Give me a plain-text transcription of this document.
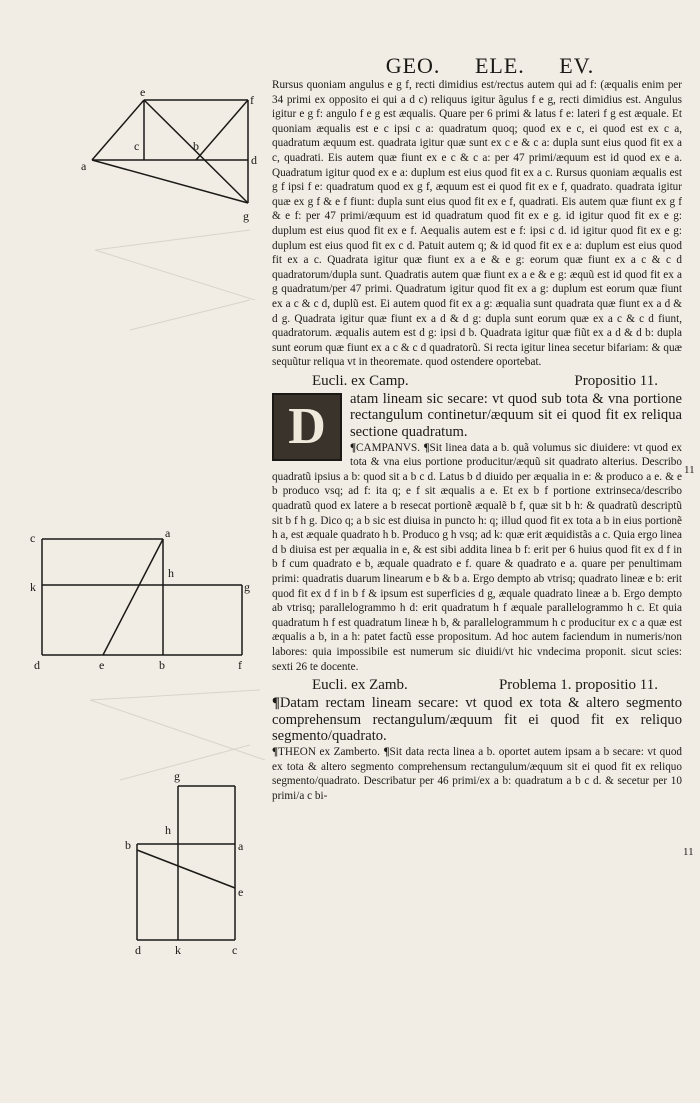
GEO. ELE. EV.
e
f
c	b
a	d
g
a
c
h
k	g
d	e	b	f
g
h
b	a
e
d	k	c

Rursus quoniam angulus e g f, recti dimidius est/rectus autem qui ad f: (æqualis enim per 34 primi ex opposito ei qui a d c) reliquus igitur ãgulus f e g, recti dimidius est. Angulus igitur e g f: angulo f e g est æqualis. Quare per 6 primi & latus f e: lateri f g est æquale. Et quoniam æqualis est e c ipsi c a: quadratum quoq; quod ex e c, ei quod est ex c a, quadratum æquum est. quadrata igitur quæ sunt ex c e & c a: dupla sunt eius quod fit ex a c, quadrati. Eis autem quæ fiunt ex e c & c a: per 47 primi/æquum est id quod ex e a. Quadratum igitur quod ex e a: duplum est eius quod fit ex a c. Rursus quoniam æqualis est g f ipsi f e: quadratum quod ex g f, æquum est ei quod fit ex e f, quadrato. quadrata igitur quæ ex g f & e f fiunt: dupla sunt eius quod fit ex e f, quadrati. Eis autem quæ fiunt ex g f & e f: per 47 primi/æquum est id quadratum quod fit ex e g. id igitur quod fit ex e g: duplum est eius quod fit ex e f. Aequalis autem est e f: ipsi c d. id igitur quod fit ex e g: duplum est eius quod fit ex c d. Patuit autem q; & id quod fit ex e a: duplum est eius quod fit ex a c. Quadrata igitur quæ fiunt ex a e & e g: eorum quæ fiunt ex a c & c d quadratorum/dupla sunt. Quadratis autem quæ fiunt ex a e & e g: æquũ est id quod fit ex a g quadratum/per 47 primi. Quadratum igitur quod fit ex a g: duplum est eorum quæ fiunt ex a c & c d, duplũ est. Ei autem quod fit ex a g: æqualia sunt quadrata quæ fiunt ex a d & d g. Quadrata igitur quæ fiunt ex a d & d g: dupla sunt eorum quæ ex a c & c d fiunt, quadratorum. æqualis autem est d g: ipsi d b. Quadrata igitur quæ fiũt ex a d & d b: dupla sunt eorum quæ fiunt ex a c & c d quadratorũ. Si recta igitur linea secetur bifariam: & quæ sequũtur reliqua vt in theoremate. quod ostendere oportebat.

Eucli. ex Camp.	Propositio 11.
D	atam lineam sic secare: vt quod sub tota & vna portione rectangulum continetur/æquum sit ei quod fit ex reliqua sectione quadratum.

¶CAMPANVS. ¶Sit linea data a b. quã volumus sic diuidere: vt quod ex tota & vna eius portione producitur/æquũ sit quadrato alterius. Describo quadratũ ipsius a b: quod sit a b c d. Latus b d diuido per æqualia in e: & produco a e. & e b produco vsq; ad f: ita q; e f sit æqualis a e. Et ex b f portione extrinseca/describo quadratũ quod ex latere a b resecat portionẽ æqualẽ b f, quæ sit b h: & quadratũ descriptũ sit b f h g. Dico q; a b sic est diuisa in puncto h: q; illud quod fit ex tota a b in eius portionẽ h a, est æquale quadrato h b. Produco g h vsq; ad k: quæ erit æquidistãs a c. Quia ergo linea d b diuisa est per æqualia in e, & est sibi addita linea b f: erit per 6 huius quod fit ex d f in b f cum quadrato e b, æquale quadrato e f. quare & quadrato e a. quare per penultimam primi: quadratis duarum linearum e b & b a. Ergo dempto ab vtrisq; quadrato lineæ e b: erit quod fit ex d f in b f & ipsum est superficies d g, æquale quadrato lineæ a b. Ergo dempto ab vtrisq; parallelogrammo h d: erit quadratum h f æquale parallelogrammo h c. Et quia quadratum h f est quadratum lineæ h b, & parallelogrammum h c producitur ex c a quæ est æqualis a b, in a h: patet factũ esse propositum. Ad hoc autem faciendum in numeris/non labores: quia impossibile est numerum sic diuidi/vt hic vndecima proponit. sicut scies: sexti 26 te docente.

Eucli. ex Zamb.	Problema 1. propositio 11.

¶Datam rectam lineam secare: vt quod ex tota & altero segmento comprehensum rectangulum/æquum fit ei quod fit ex reliquo segmento/quadrato.

¶THEON ex Zamberto. ¶Sit data recta linea a b. oportet autem ipsam a b secare: vt quod ex tota & altero segmento comprehensum rectangulum/æquum sit ei quod fit ex reliquo segmento/quadrato. Describatur per 46 primi/ex a b: quadratum a b c d. & secetur per 10 primi/a c bi-

11
11
